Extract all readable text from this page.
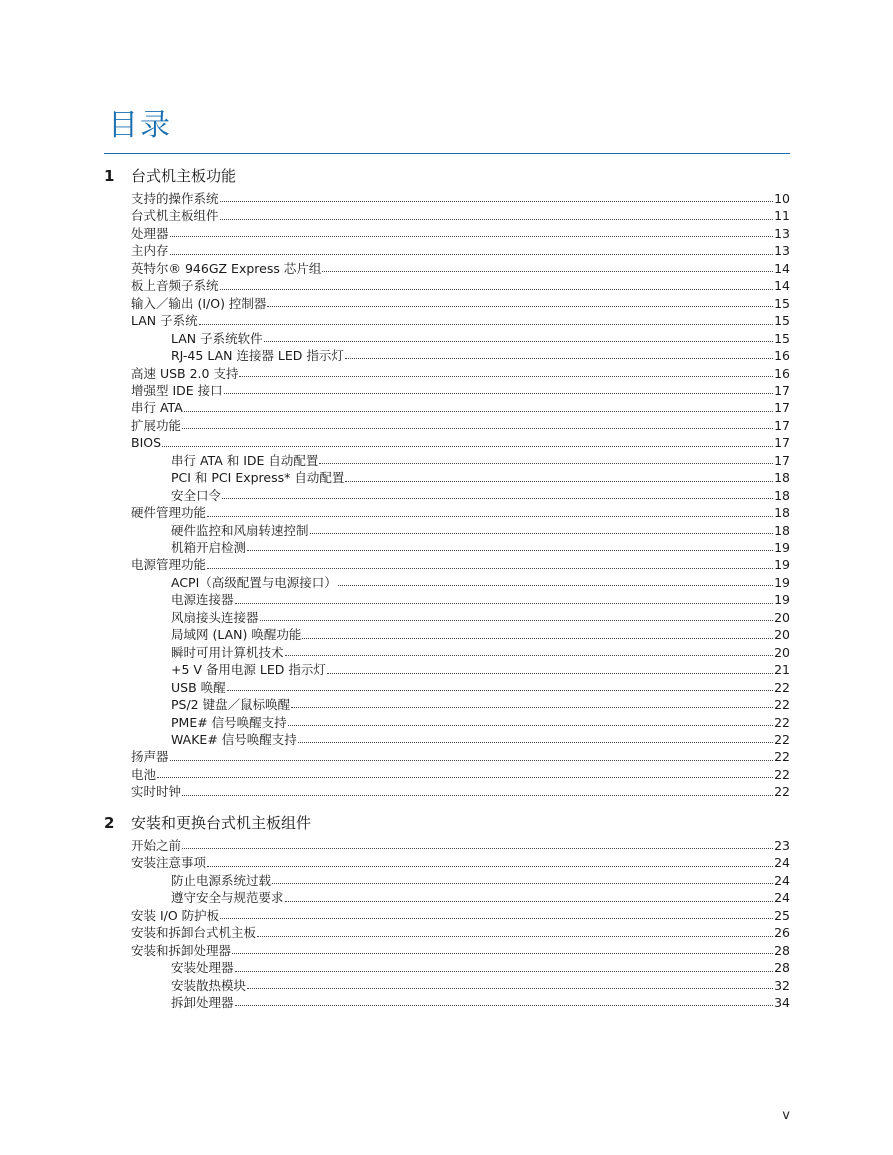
目录
1	台式机主板功能
支持的操作系统	10
台式机主板组件	11
处理器	13
主内存	13
英特尔® 946GZ Express 芯片组	14
板上音频子系统	14
输入／输出 (I/O) 控制器	15
LAN 子系统	15
LAN 子系统软件	15
RJ-45 LAN 连接器 LED 指示灯	16
高速 USB 2.0 支持	16
增强型 IDE 接口	17
串行 ATA	17
扩展功能	17
BIOS	17
串行 ATA 和 IDE 自动配置	17
PCI 和 PCI Express* 自动配置	18
安全口令	18
硬件管理功能	18
硬件监控和风扇转速控制	18
机箱开启检测	19
电源管理功能	19
ACPI（高级配置与电源接口）	19
电源连接器	19
风扇接头连接器	20
局域网 (LAN) 唤醒功能	20
瞬时可用计算机技术	20
+5 V 备用电源 LED 指示灯	21
USB 唤醒	22
PS/2 键盘／鼠标唤醒	22
PME# 信号唤醒支持	22
WAKE# 信号唤醒支持	22
扬声器	22
电池	22
实时时钟	22
2	安装和更换台式机主板组件
开始之前	23
安装注意事项	24
防止电源系统过载	24
遵守安全与规范要求	24
安装 I/O 防护板	25
安装和拆卸台式机主板	26
安装和拆卸处理器	28
安装处理器	28
安装散热模块	32
拆卸处理器	34
v
